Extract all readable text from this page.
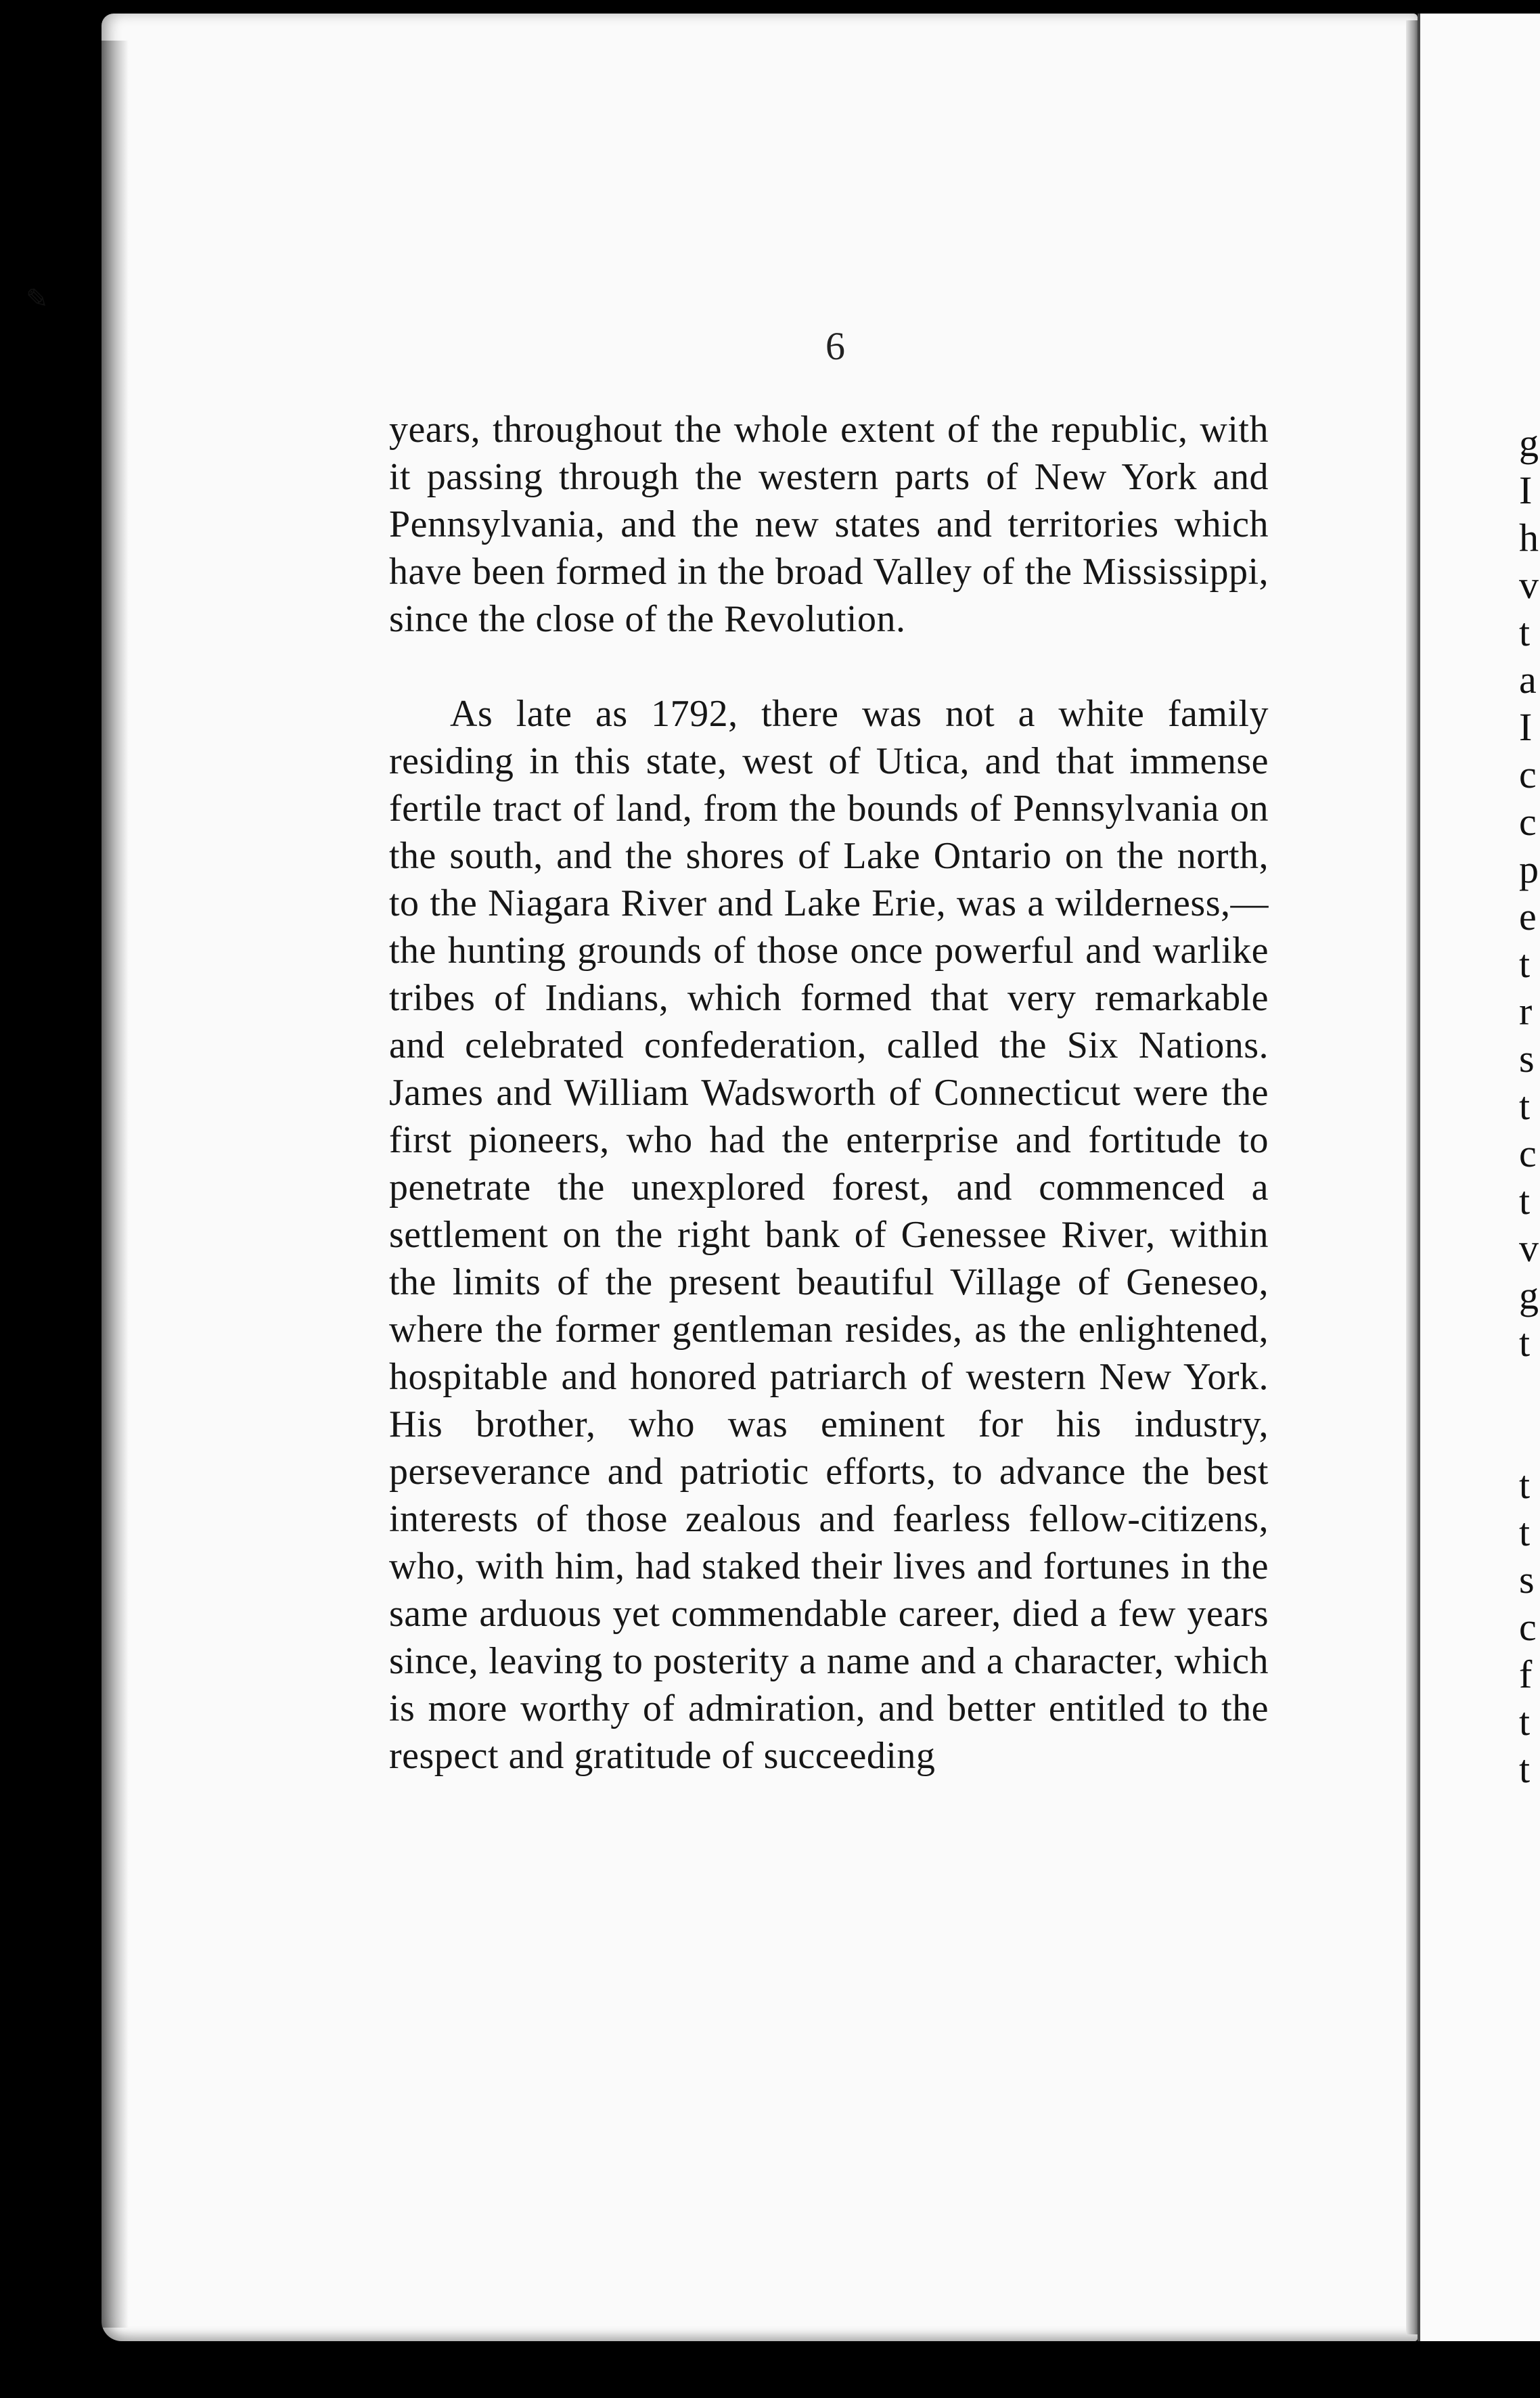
g
I
h
v
t
a
I
c
c
p
e
t
r
s
t
c
t
v
g
t

t
t
s
c
f
t
t
✎
6

years, throughout the whole extent of the republic, with it passing through the western parts of New York and Pennsylvania, and the new states and territories which have been formed in the broad Valley of the Mississippi, since the close of the Revolution.

As late as 1792, there was not a white family residing in this state, west of Utica, and that immense fertile tract of land, from the bounds of Pennsylvania on the south, and the shores of Lake Ontario on the north, to the Niagara River and Lake Erie, was a wilderness,—the hunting grounds of those once powerful and warlike tribes of Indians, which formed that very remarkable and celebrated confederation, called the Six Nations. James and William Wadsworth of Connecticut were the first pioneers, who had the enterprise and fortitude to penetrate the unexplored forest, and commenced a settlement on the right bank of Genessee River, within the limits of the present beautiful Village of Geneseo, where the former gentleman resides, as the enlightened, hospitable and honored patriarch of western New York. His brother, who was eminent for his industry, perseverance and patriotic efforts, to advance the best interests of those zealous and fearless fellow-citizens, who, with him, had staked their lives and fortunes in the same arduous yet commendable career, died a few years since, leaving to posterity a name and a character, which is more worthy of admiration, and better entitled to the respect and gratitude of succeeding
